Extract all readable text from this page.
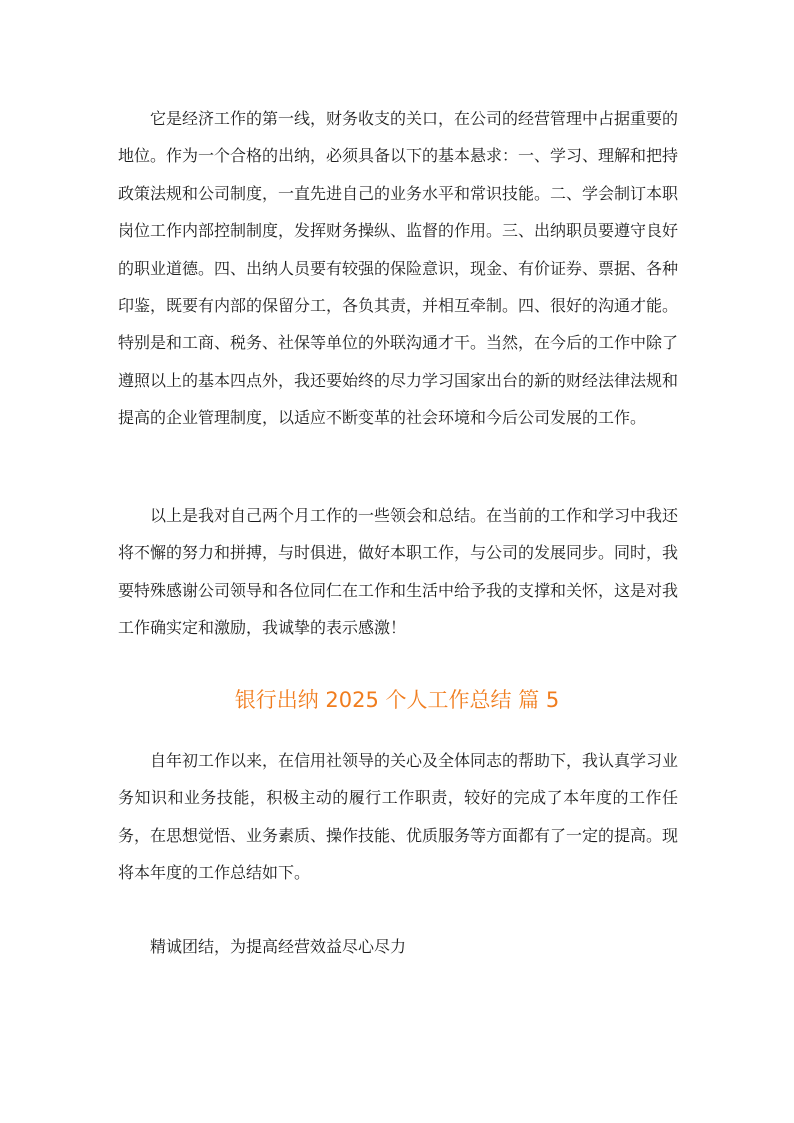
它是经济工作的第一线，财务收支的关口，在公司的经营管理中占据重要的地位。作为一个合格的出纳，必须具备以下的基本悬求：一、学习、理解和把持政策法规和公司制度，一直先进自己的业务水平和常识技能。二、学会制订本职岗位工作内部控制制度，发挥财务操纵、监督的作用。三、出纳职员要遵守良好的职业道德。四、出纳人员要有较强的保险意识，现金、有价证券、票据、各种印鉴，既要有内部的保留分工，各负其责，并相互牵制。四、很好的沟通才能。特别是和工商、税务、社保等单位的外联沟通才干。当然，在今后的工作中除了遵照以上的基本四点外，我还要始终的尽力学习国家出台的新的财经法律法规和提高的企业管理制度，以适应不断变革的社会环境和今后公司发展的工作。

以上是我对自己两个月工作的一些领会和总结。在当前的工作和学习中我还将不懈的努力和拼搏，与时俱进，做好本职工作，与公司的发展同步。同时，我要特殊感谢公司领导和各位同仁在工作和生活中给予我的支撑和关怀，这是对我工作确实定和激励，我诚挚的表示感激！

银行出纳 2025 个人工作总结 篇 5

自年初工作以来，在信用社领导的关心及全体同志的帮助下，我认真学习业务知识和业务技能，积极主动的履行工作职责，较好的完成了本年度的工作任务，在思想觉悟、业务素质、操作技能、优质服务等方面都有了一定的提高。现将本年度的工作总结如下。

精诚团结，为提高经营效益尽心尽力
